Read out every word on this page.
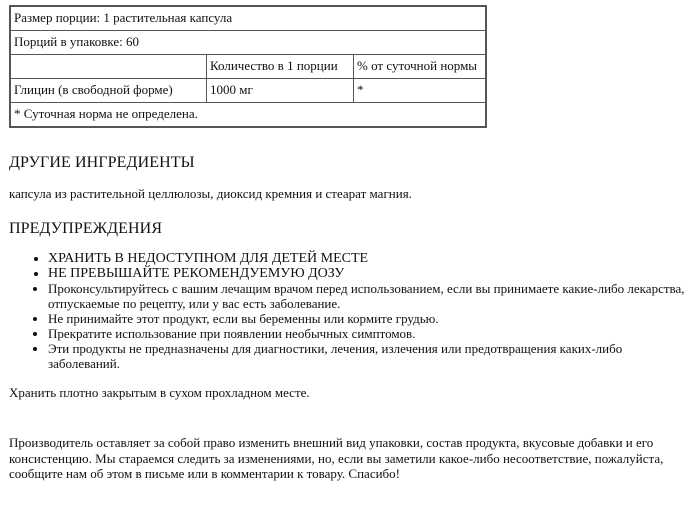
Размер порции: 1 растительная капсула		
Порций в упаковке: 60		
	Количество в 1 порции	% от суточной нормы
Глицин (в свободной форме)	1000 мг	*
* Суточная норма не определена.		
ДРУГИЕ ИНГРЕДИЕНТЫ

капсула из растительной целлюлозы, диоксид кремния и стеарат магния.

ПРЕДУПРЕЖДЕНИЯ
• ХРАНИТЬ В НЕДОСТУПНОМ ДЛЯ ДЕТЕЙ МЕСТЕ
• НЕ ПРЕВЫШАЙТЕ РЕКОМЕНДУЕМУЮ ДОЗУ
• Проконсультируйтесь с вашим лечащим врачом перед использованием, если вы принимаете какие-либо лекарства, отпускаемые по рецепту, или у вас есть заболевание.
• Не принимайте этот продукт, если вы беременны или кормите грудью.
• Прекратите использование при появлении необычных симптомов.
• Эти продукты не предназначены для диагностики, лечения, излечения или предотвращения каких-либо заболеваний.

Хранить плотно закрытым в сухом прохладном месте.

Производитель оставляет за собой право изменить внешний вид упаковки, состав продукта, вкусовые добавки и его консистенцию. Мы стараемся следить за изменениями, но, если вы заметили какое-либо несоответствие, пожалуйста, сообщите нам об этом в письме или в комментарии к товару. Спасибо!
